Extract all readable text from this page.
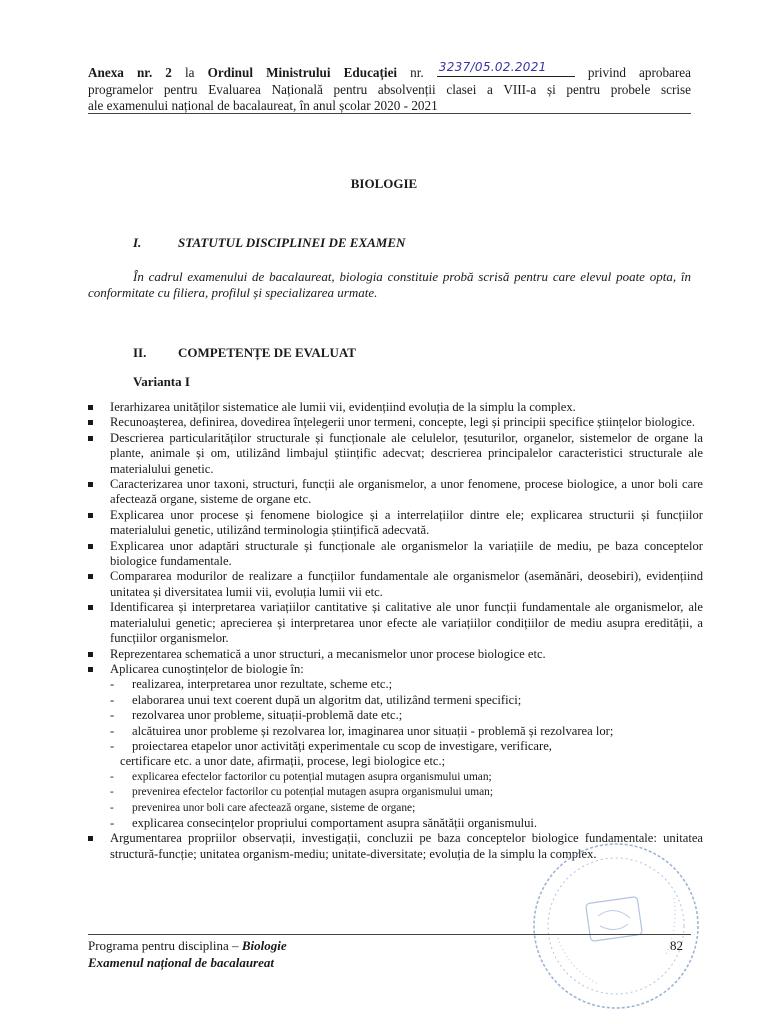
Anexa nr. 2 la Ordinul Ministrului Educației nr. 3237/05.02.2021 privind aprobarea
programelor pentru Evaluarea Națională pentru absolvenții clasei a VIII-a și pentru probele scrise
ale examenului național de bacalaureat, în anul școlar 2020 - 2021
BIOLOGIE
I.	STATUTUL DISCIPLINEI DE EXAMEN
În cadrul examenului de bacalaureat, biologia constituie probă scrisă pentru care elevul poate opta, în conformitate cu filiera, profilul și specializarea urmate.
II. COMPETENȚE DE EVALUAT
Varianta I
Ierarhizarea unităților sistematice ale lumii vii, evidențiind evoluția de la simplu la complex.
Recunoașterea, definirea, dovedirea înțelegerii unor termeni, concepte, legi și principii specifice științelor biologice.
Descrierea particularităților structurale și funcționale ale celulelor, țesuturilor, organelor, sistemelor de organe la plante, animale și om, utilizând limbajul științific adecvat; descrierea principalelor caracteristici structurale ale materialului genetic.
Caracterizarea unor taxoni, structuri, funcții ale organismelor, a unor fenomene, procese biologice, a unor boli care afectează organe, sisteme de organe etc.
Explicarea unor procese și fenomene biologice și a interrelațiilor dintre ele; explicarea structurii și funcțiilor materialului genetic, utilizând terminologia științifică adecvată.
Explicarea unor adaptări structurale și funcționale ale organismelor la variațiile de mediu, pe baza conceptelor biologice fundamentale.
Compararea modurilor de realizare a funcțiilor fundamentale ale organismelor (asemănări, deosebiri), evidențiind unitatea și diversitatea lumii vii, evoluția lumii vii etc.
Identificarea și interpretarea variațiilor cantitative și calitative ale unor funcții fundamentale ale organismelor, ale materialului genetic; aprecierea și interpretarea unor efecte ale variațiilor condițiilor de mediu asupra eredității, a funcțiilor organismelor.
Reprezentarea schematică a unor structuri, a mecanismelor unor procese biologice etc.
Aplicarea cunoștințelor de biologie în:
- realizarea, interpretarea unor rezultate, scheme etc.;
- elaborarea unui text coerent după un algoritm dat, utilizând termeni specifici;
- rezolvarea unor probleme, situații-problemă date etc.;
- alcătuirea unor probleme și rezolvarea lor, imaginarea unor situații - problemă și rezolvarea lor;
- proiectarea etapelor unor activități experimentale cu scop de investigare, verificare,
certificare etc. a unor date, afirmații, procese, legi biologice etc.;
- explicarea efectelor factorilor cu potențial mutagen asupra organismului uman;
- prevenirea efectelor factorilor cu potențial mutagen asupra organismului uman;
- prevenirea unor boli care afectează organe, sisteme de organe;
- explicarea consecințelor propriului comportament asupra sănătății organismului.
Argumentarea propriilor observații, investigații, concluzii pe baza conceptelor biologice fundamentale: unitatea structură-funcție; unitatea organism-mediu; unitate-diversitate; evoluția de la simplu la complex.
Programa pentru disciplina – Biologie
Examenul național de bacalaureat
82
